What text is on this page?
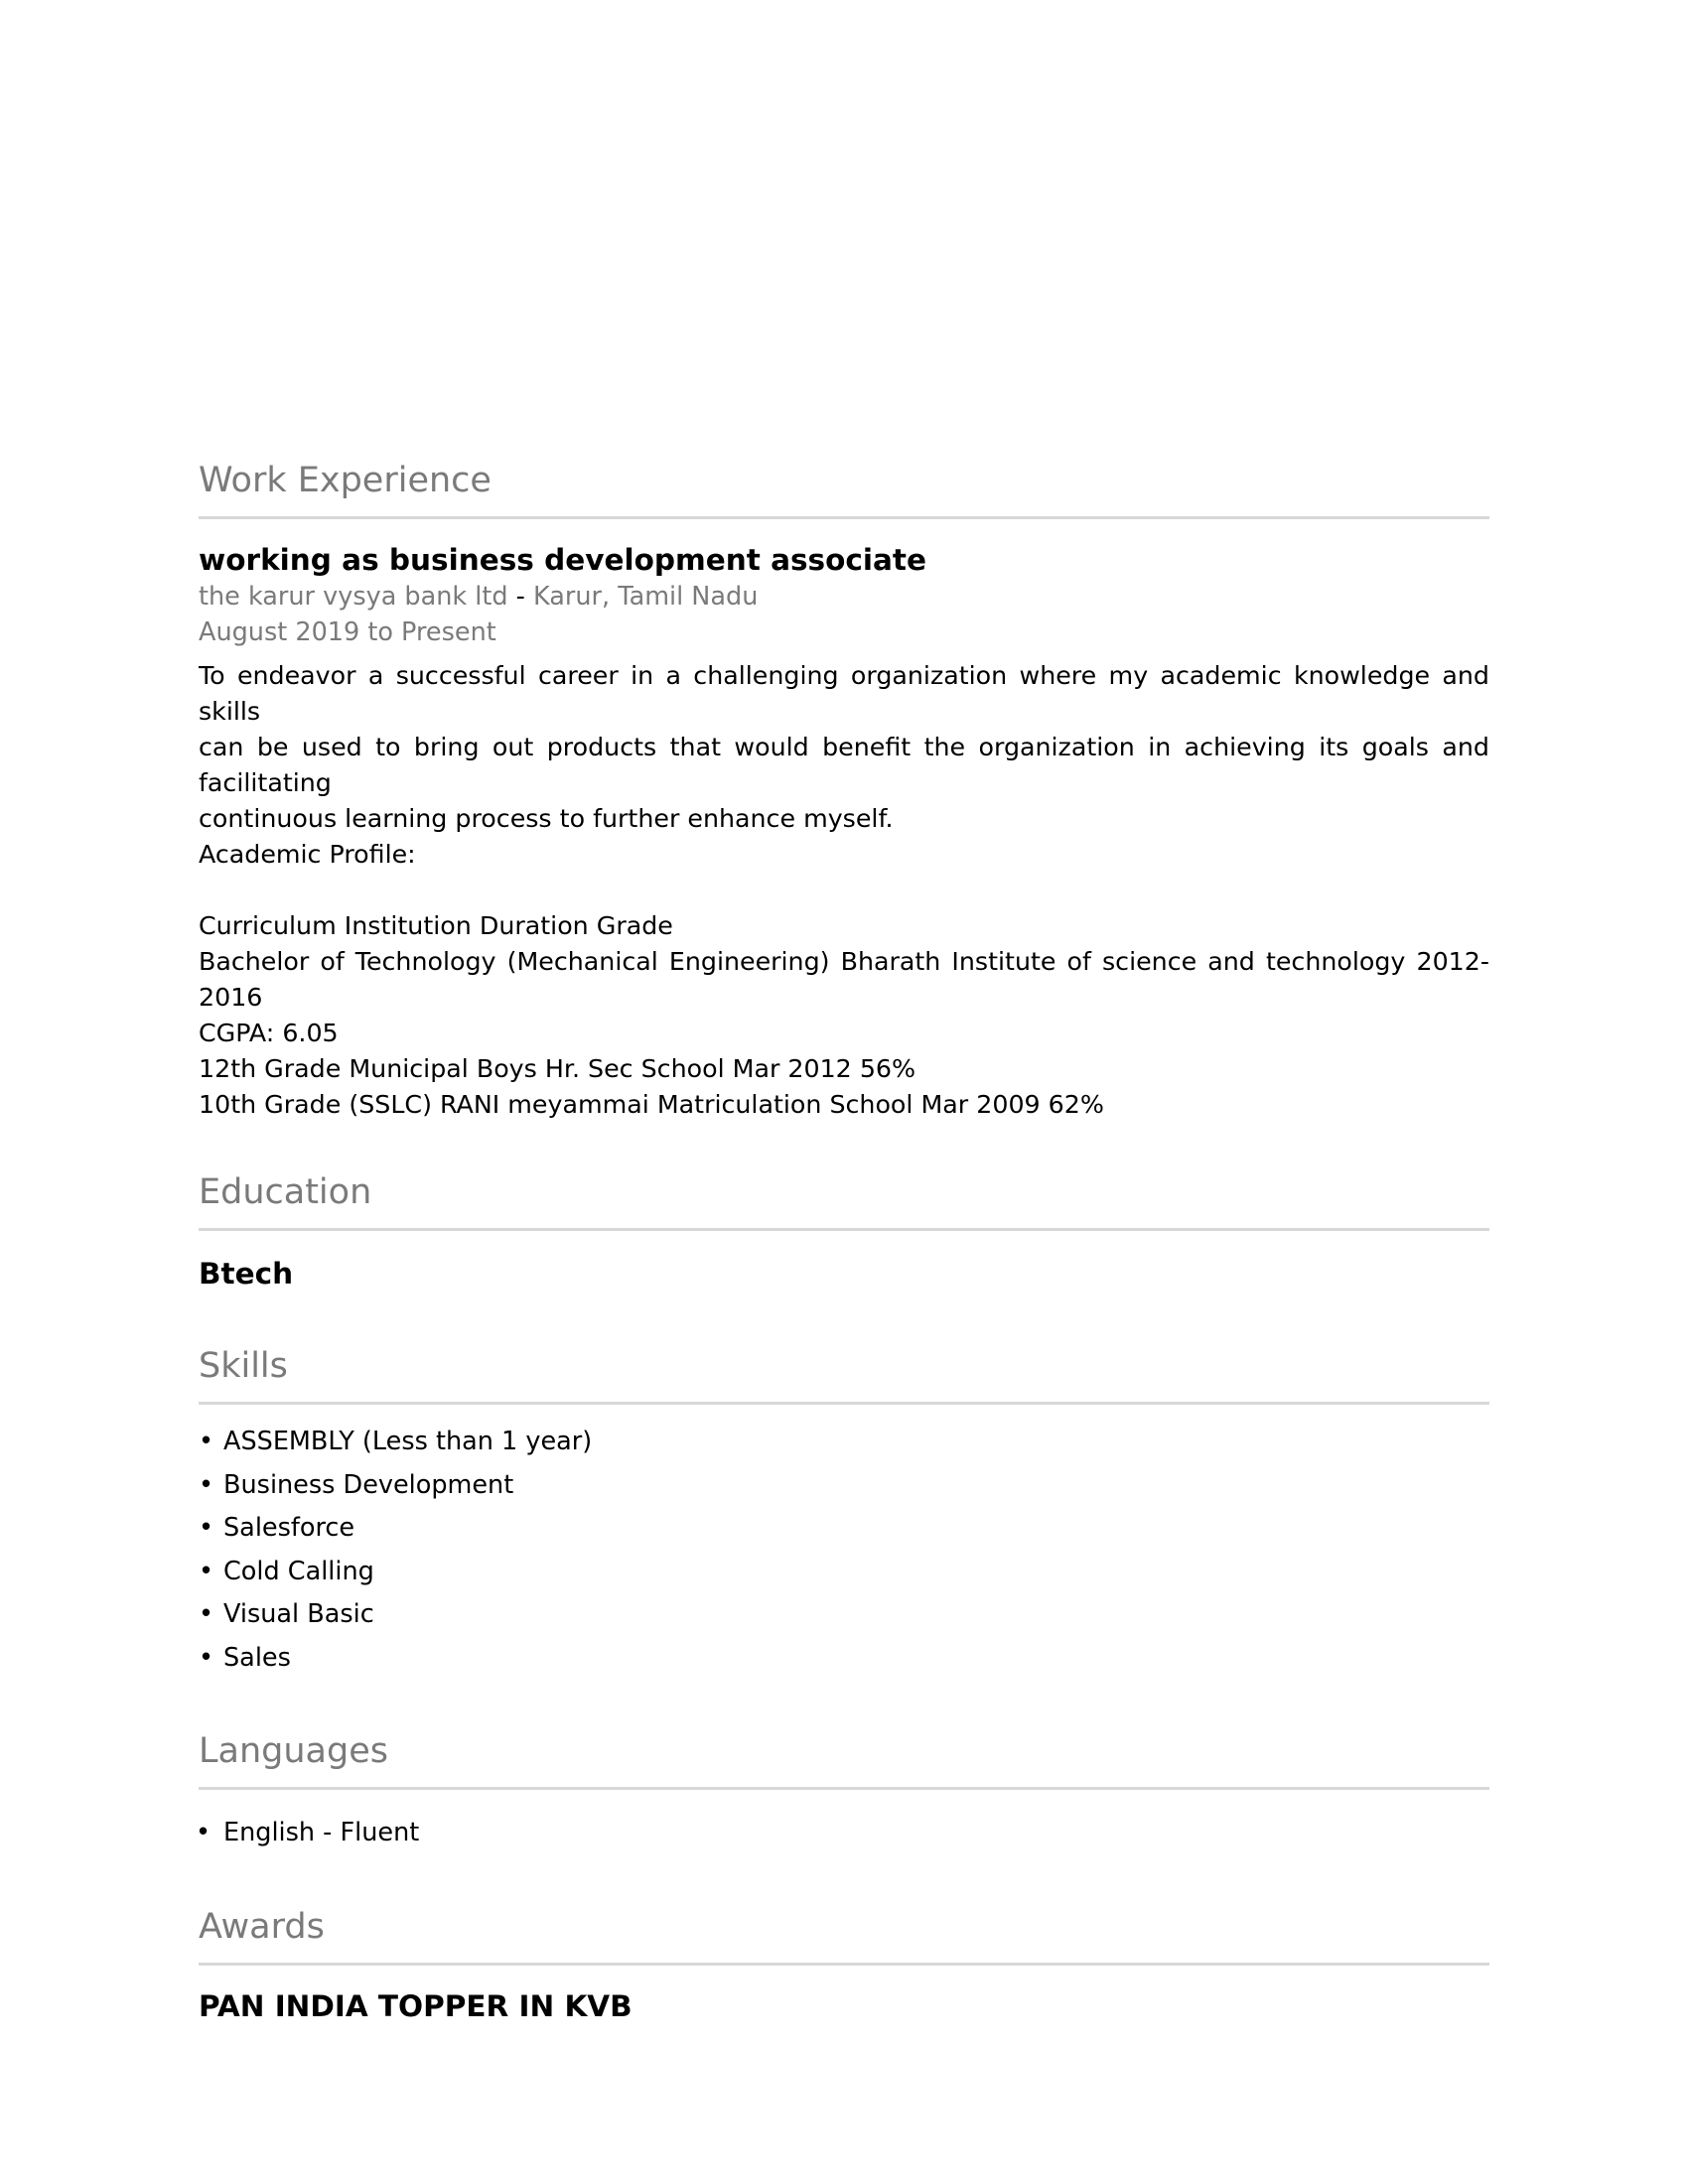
Work Experience
working as business development associate
the karur vysya bank ltd - Karur, Tamil Nadu
August 2019 to Present
To endeavor a successful career in a challenging organization where my academic knowledge and skills
can be used to bring out products that would benefit the organization in achieving its goals and facilitating
continuous learning process to further enhance myself.
Academic Profile:
Curriculum Institution Duration Grade
Bachelor of Technology (Mechanical Engineering) Bharath Institute of science and technology 2012-2016
CGPA: 6.05
12th Grade Municipal Boys Hr. Sec School Mar 2012 56%
10th Grade (SSLC) RANI meyammai Matriculation School Mar 2009 62%
Education
Btech
Skills
• ASSEMBLY (Less than 1 year)
• Business Development
• Salesforce
• Cold Calling
• Visual Basic
• Sales
Languages
• English - Fluent
Awards
PAN INDIA TOPPER IN KVB
